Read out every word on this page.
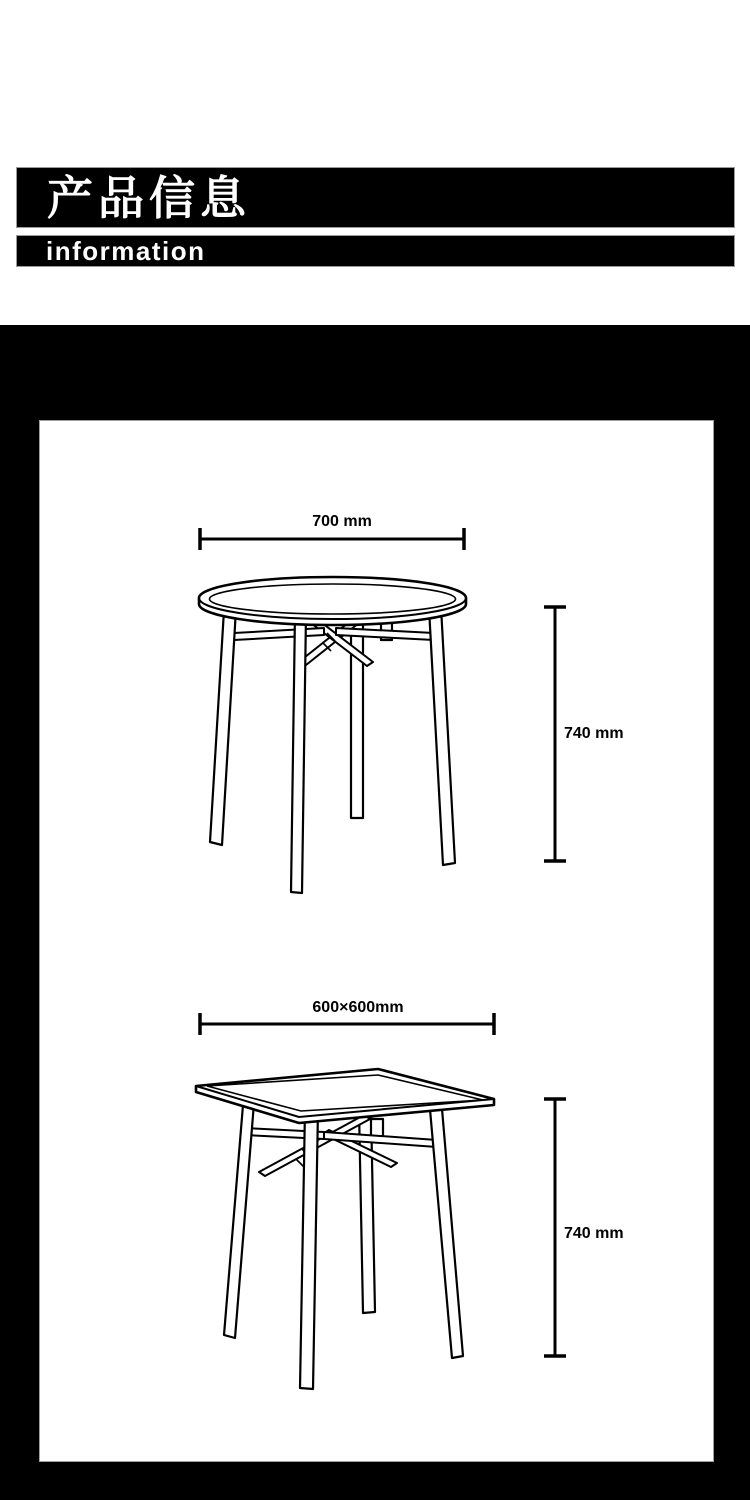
产品信息
information
700 mm
740 mm
600×600mm
740 mm
